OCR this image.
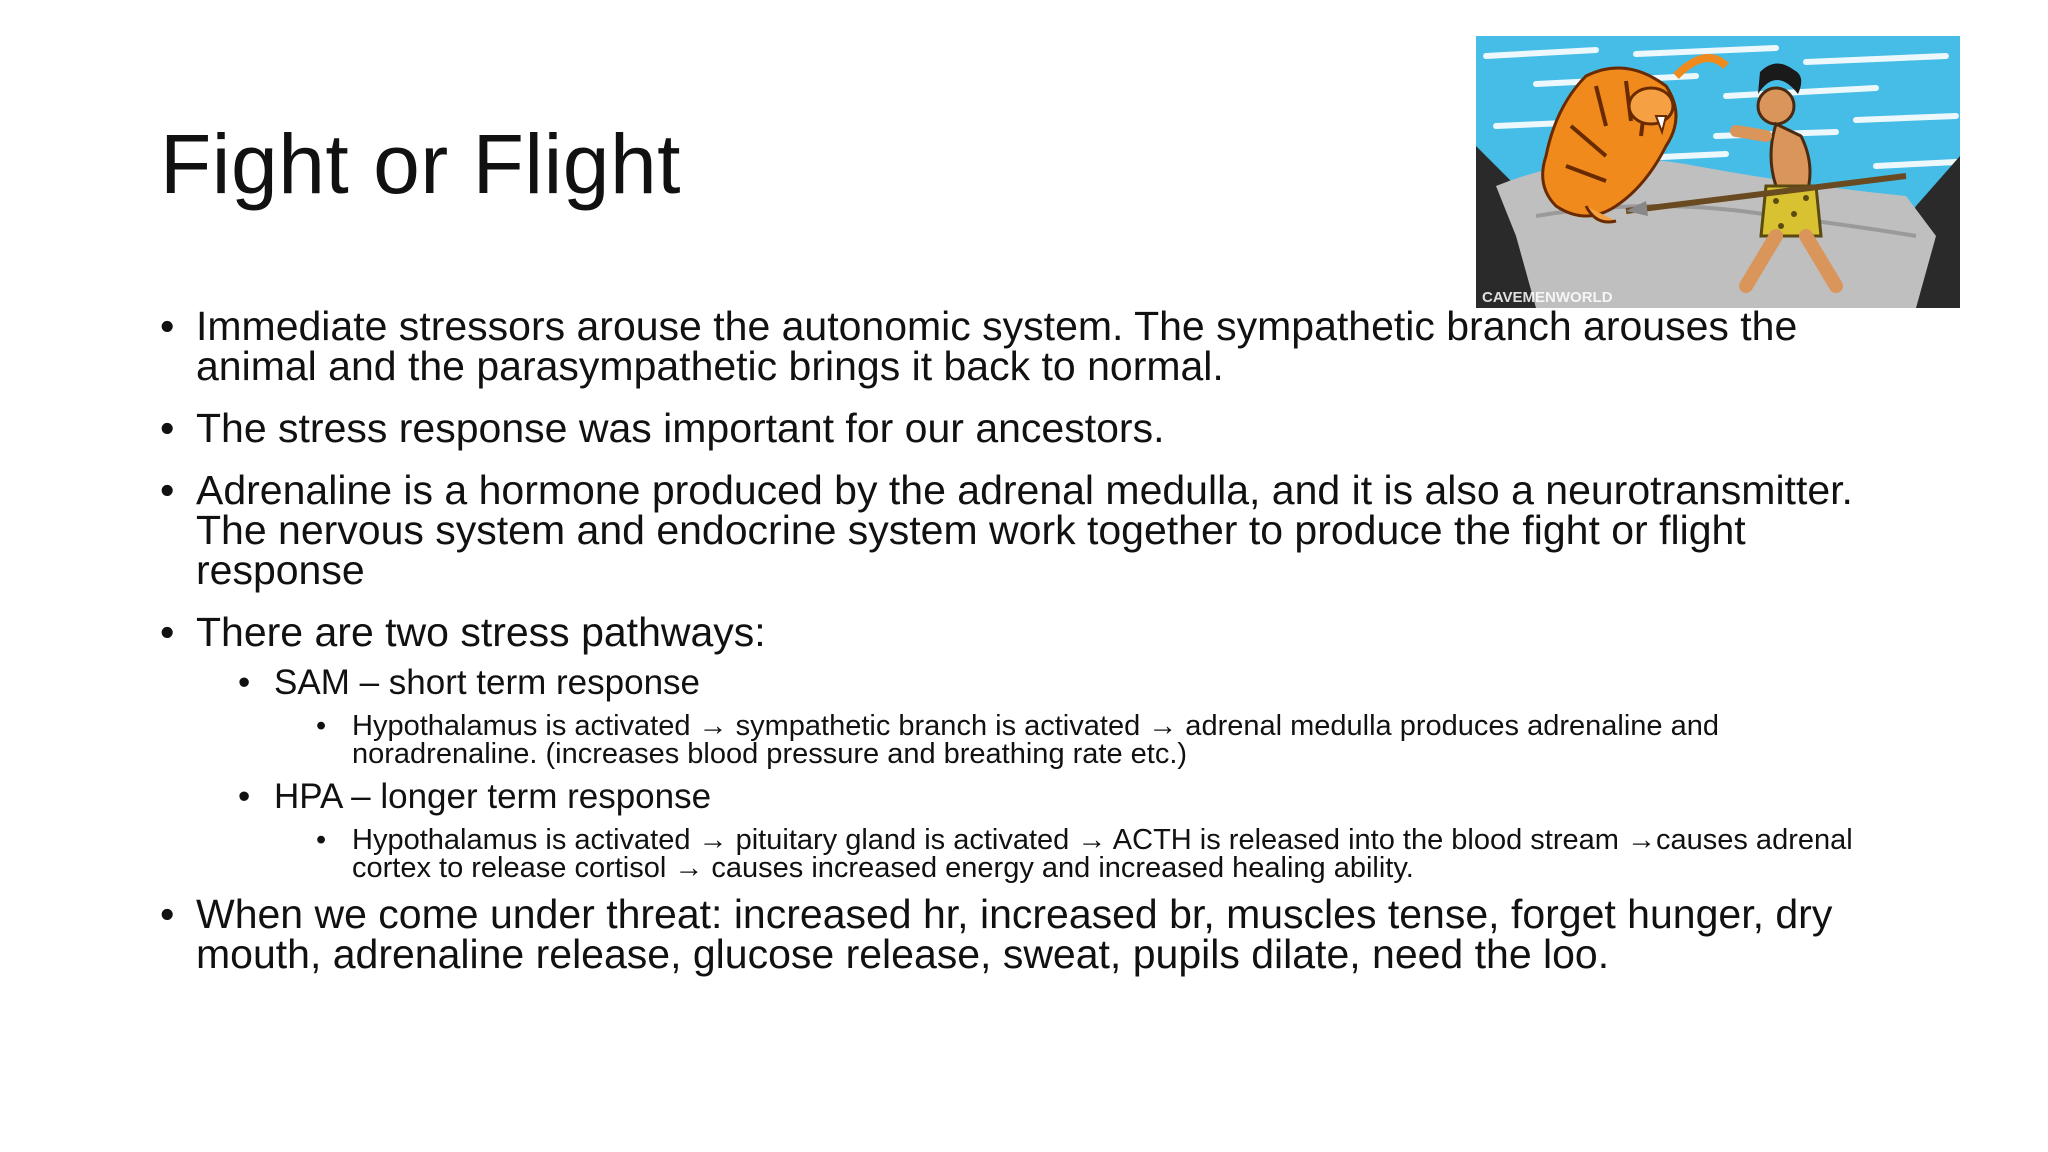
Fight or Flight
CAVEMENWORLD
• Immediate stressors arouse the autonomic system. The sympathetic branch arouses the animal and the parasympathetic brings it back to normal.
• The stress response was important for our ancestors.
• Adrenaline is a hormone produced by the adrenal medulla, and it is also a neurotransmitter. The nervous system and endocrine system work together to produce the fight or flight response
• There are two stress pathways:
• SAM – short term response
• Hypothalamus is activated → sympathetic branch is activated → adrenal medulla produces adrenaline and noradrenaline. (increases blood pressure and breathing rate etc.)
• HPA – longer term response
• Hypothalamus is activated → pituitary gland is activated → ACTH is released into the blood stream →causes adrenal cortex to release cortisol → causes increased energy and increased healing ability.
• When we come under threat: increased hr, increased br, muscles tense, forget hunger, dry mouth, adrenaline release, glucose release, sweat, pupils dilate, need the loo.
